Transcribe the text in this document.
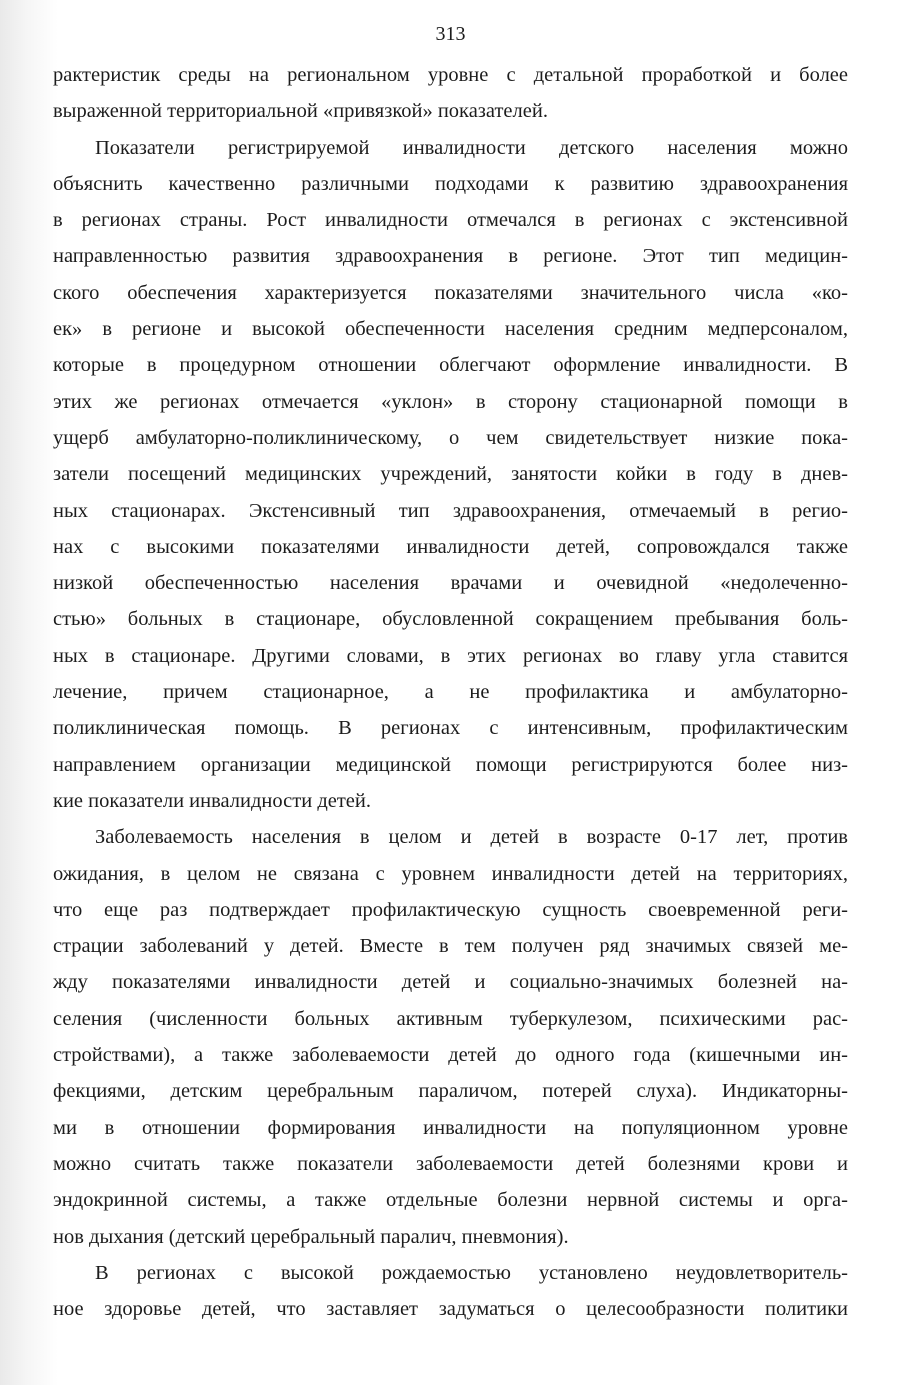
313
рактеристик среды на региональном уровне с детальной проработкой и более
выраженной территориальной «привязкой» показателей.
Показатели регистрируемой инвалидности детского населения можно
объяснить качественно различными подходами к развитию здравоохранения
в регионах страны. Рост инвалидности отмечался в регионах с экстенсивной
направленностью развития здравоохранения в регионе. Этот тип медицин-
ского обеспечения характеризуется показателями значительного числа «ко-
ек» в регионе и высокой обеспеченности населения средним медперсоналом,
которые в процедурном отношении облегчают оформление инвалидности. В
этих же регионах отмечается «уклон» в сторону стационарной помощи в
ущерб амбулаторно-поликлиническому, о чем свидетельствует низкие пока-
затели посещений медицинских учреждений, занятости койки в году в днев-
ных стационарах. Экстенсивный тип здравоохранения, отмечаемый в регио-
нах с высокими показателями инвалидности детей, сопровождался также
низкой обеспеченностью населения врачами и очевидной «недолеченно-
стью» больных в стационаре, обусловленной сокращением пребывания боль-
ных в стационаре. Другими словами, в этих регионах во главу угла ставится
лечение, причем стационарное, а не профилактика и амбулаторно-
поликлиническая помощь. В регионах с интенсивным, профилактическим
направлением организации медицинской помощи регистрируются более низ-
кие показатели инвалидности детей.
Заболеваемость населения в целом и детей в возрасте 0-17 лет, против
ожидания, в целом не связана с уровнем инвалидности детей на территориях,
что еще раз подтверждает профилактическую сущность своевременной реги-
страции заболеваний у детей. Вместе в тем получен ряд значимых связей ме-
жду показателями инвалидности детей и социально-значимых болезней на-
селения (численности больных активным туберкулезом, психическими рас-
стройствами), а также заболеваемости детей до одного года (кишечными ин-
фекциями, детским церебральным параличом, потерей слуха). Индикаторны-
ми в отношении формирования инвалидности на популяционном уровне
можно считать также показатели заболеваемости детей болезнями крови и
эндокринной системы, а также отдельные болезни нервной системы и орга-
нов дыхания (детский церебральный паралич, пневмония).
В регионах с высокой рождаемостью установлено неудовлетворитель-
ное здоровье детей, что заставляет задуматься о целесообразности политики
